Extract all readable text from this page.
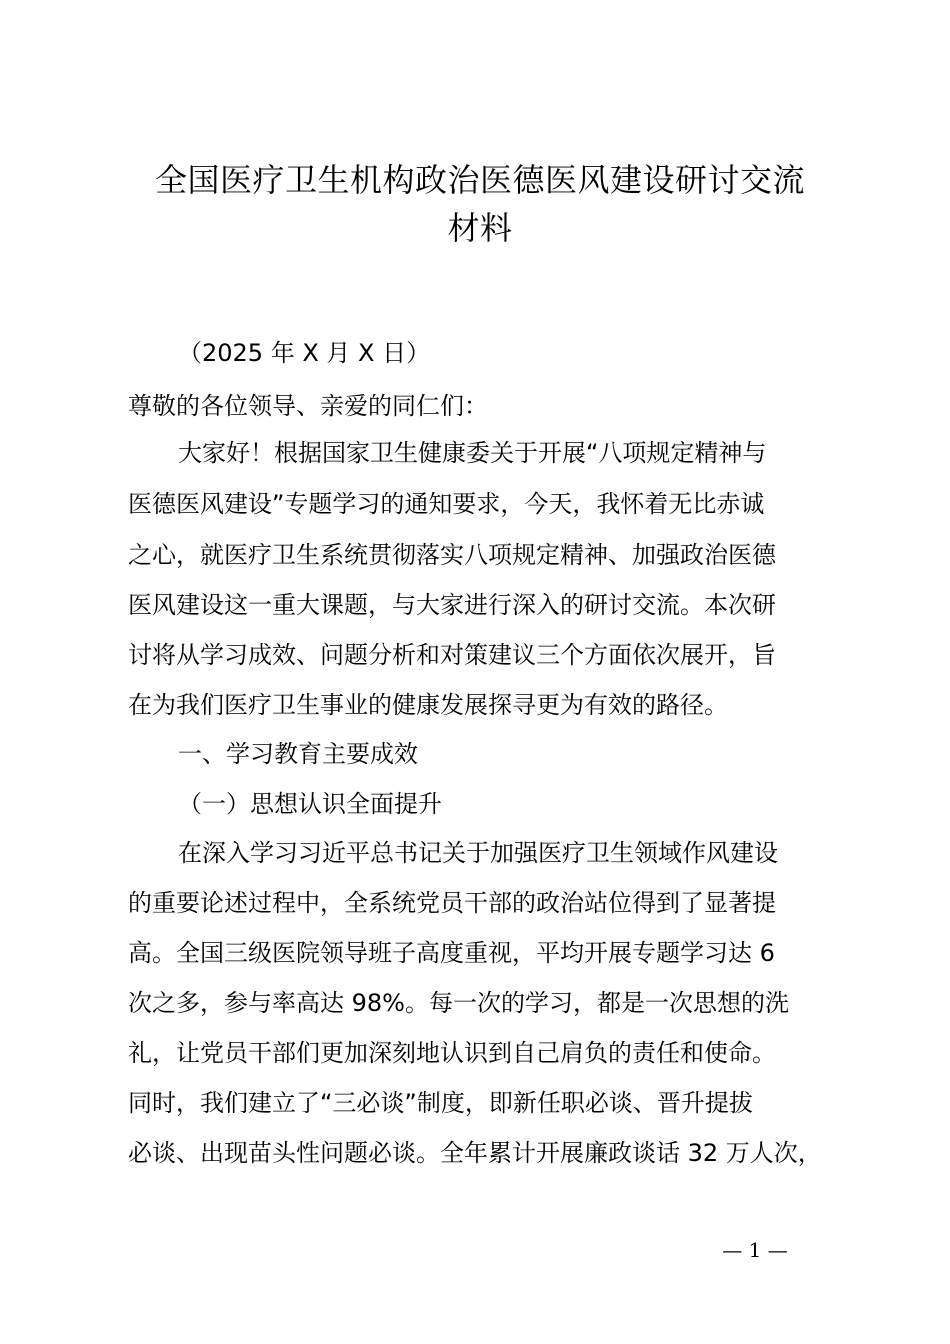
全国医疗卫生机构政治医德医风建设研讨交流
材料

（2025 年 X 月 X 日）

尊敬的各位领导、亲爱的同仁们：

大家好！根据国家卫生健康委关于开展“八项规定精神与

医德医风建设”专题学习的通知要求，今天，我怀着无比赤诚

之心，就医疗卫生系统贯彻落实八项规定精神、加强政治医德

医风建设这一重大课题，与大家进行深入的研讨交流。本次研

讨将从学习成效、问题分析和对策建议三个方面依次展开，旨

在为我们医疗卫生事业的健康发展探寻更为有效的路径。

一、学习教育主要成效

（一）思想认识全面提升

在深入学习习近平总书记关于加强医疗卫生领域作风建设

的重要论述过程中，全系统党员干部的政治站位得到了显著提

高。全国三级医院领导班子高度重视，平均开展专题学习达 6

次之多，参与率高达 98%。每一次的学习，都是一次思想的洗

礼，让党员干部们更加深刻地认识到自己肩负的责任和使命。

同时，我们建立了“三必谈”制度，即新任职必谈、晋升提拔

必谈、出现苗头性问题必谈。全年累计开展廉政谈话 32 万人次，

— 1 —
